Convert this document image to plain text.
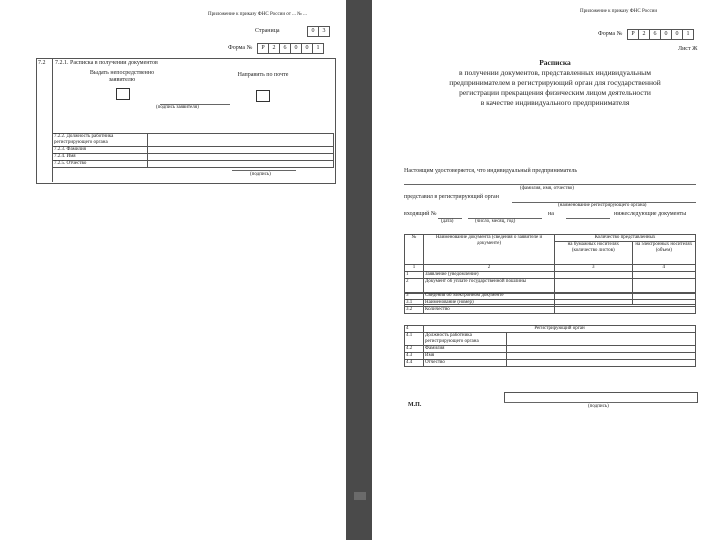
Приложение к приказу ФНС России от ... № ...
Страница	0	3
Форма №	Р	2	6	0	0	1
7.2 7.2.1. Расписка в получении документов
Выдать непосредственно заявителю
Направить по почте
(подпись заявителя)
7.2.2. Должность работника регистрирующего органа	
7.2.3. Фамилия	
7.2.4. Имя	
7.2.5. Отчество	
(подпись)
Приложение к приказу ФНС России
Форма №	Р	2	6	0	0	1
Лист Ж
Расписка
в получении документов, представленных индивидуальным
предпринимателем в регистрирующий орган для государственной
регистрации прекращения физическим лицом деятельности
в качестве индивидуального предпринимателя
Настоящим удостоверяется, что индивидуальный предприниматель
(фамилия, имя, отчество)
представил в регистрирующий орган
(наименование регистрирующего органа)
входящий №
(дата)	(число, месяц, год)
на	нижеследующие документы
№	Наименование документа (сведения о заявителе и документе)	Количество представленных	
		на бумажных носителях (количество листов)	на электронных носителях (объем)
1	2	3	4
1	Заявление (уведомление)		
2	Документ об уплате государственной пошлины		

3	Сведения об электронном документе	
3.1	Наименование (номер)	
3.2	Количество	
4	Регистрирующий орган	
4.1	Должность работника регистрирующего органа	
4.2	Фамилия	
4.3	Имя	
4.4	Отчество	
М.П.	(подпись)
